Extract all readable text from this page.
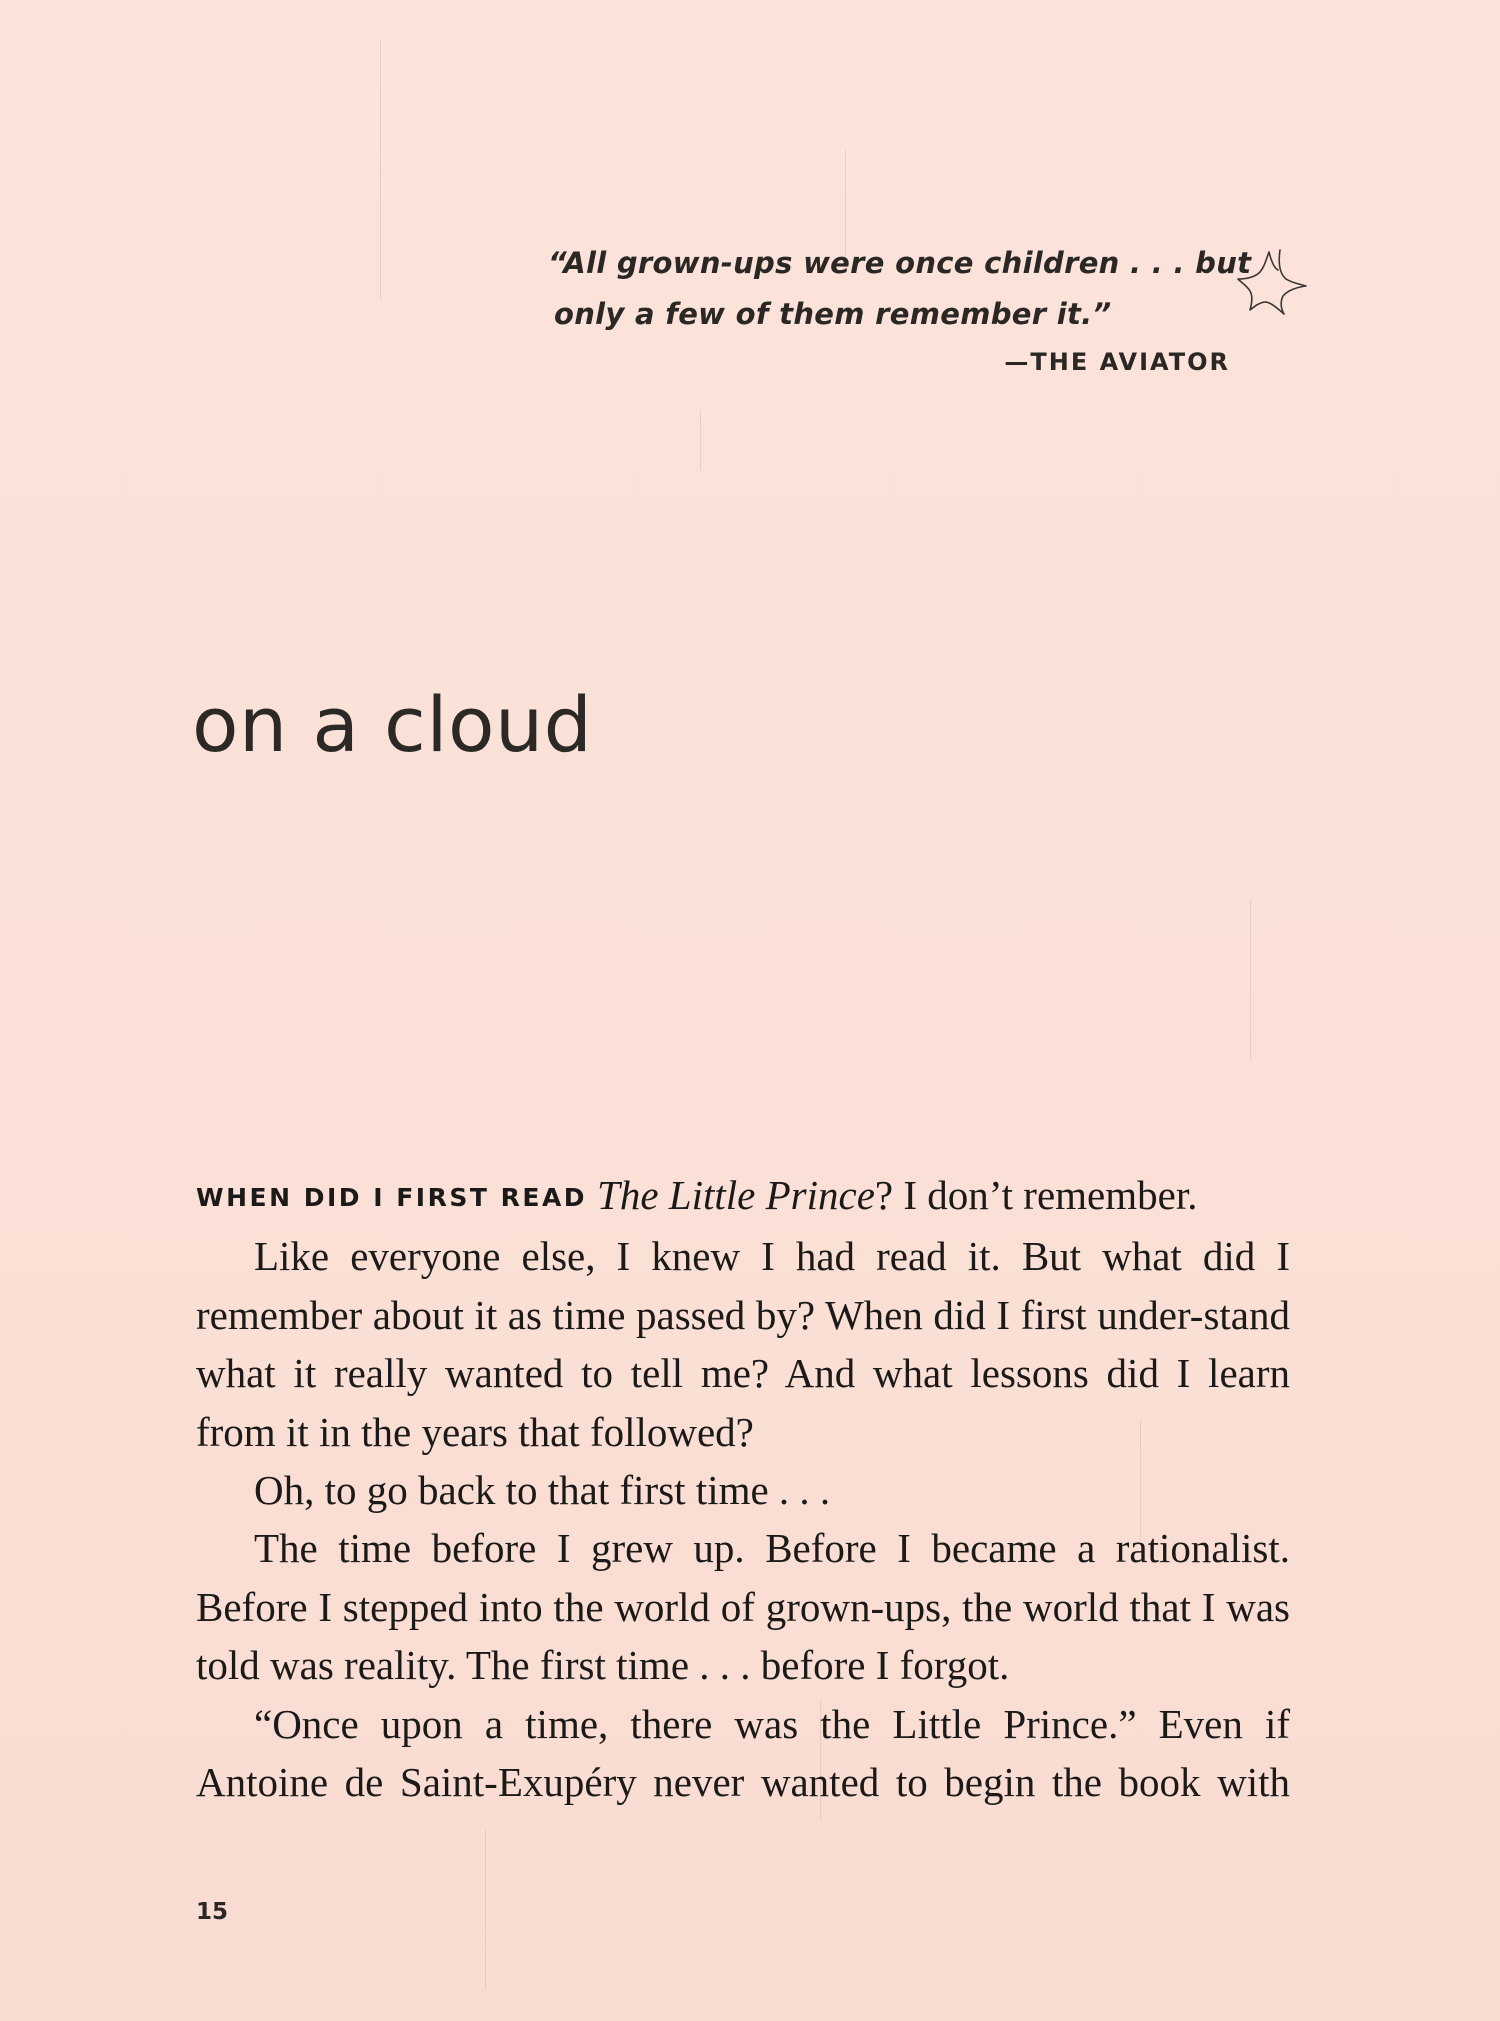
“All grown-ups were once children . . . but
only a few of them remember it.”
—THE AVIATOR
on a cloud

WHEN DID I FIRST READ The Little Prince? I don’t remember.

Like everyone else, I knew I had read it. But what did I remember about it as time passed by? When did I first under-stand what it really wanted to tell me? And what lessons did I learn from it in the years that followed?

Oh, to go back to that first time . . .

The time before I grew up. Before I became a rationalist. Before I stepped into the world of grown-ups, the world that I was told was reality. The first time . . . before I forgot.

“Once upon a time, there was the Little Prince.” Even if Antoine de Saint-Exupéry never wanted to begin the book with

15
